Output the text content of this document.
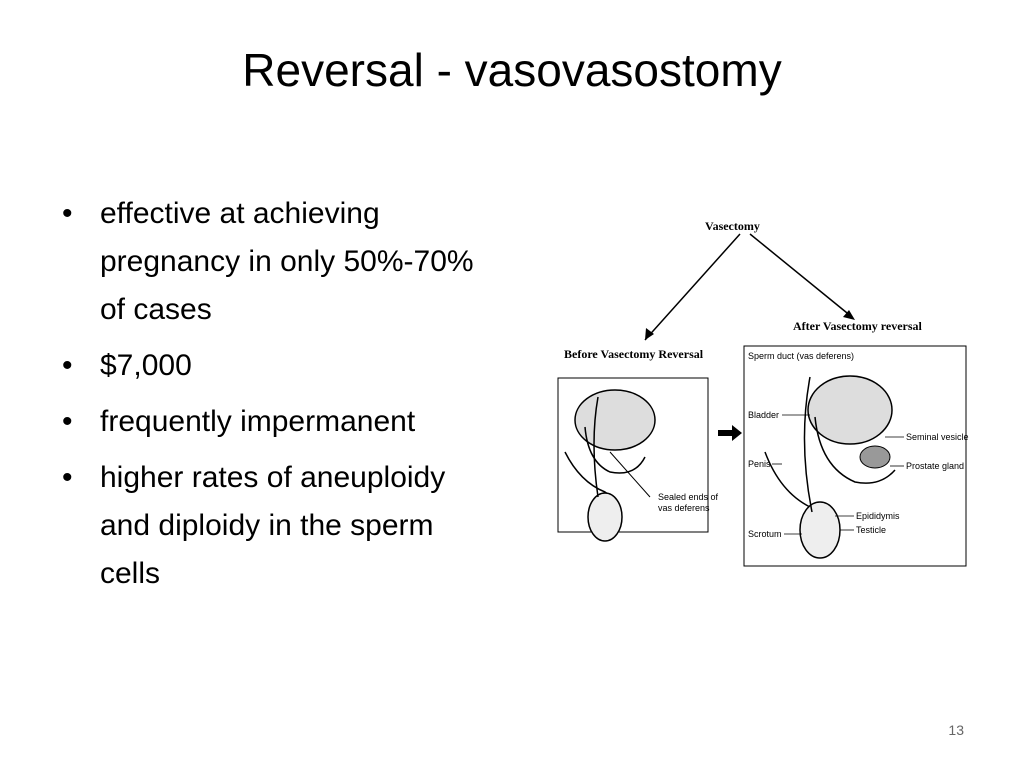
Reversal - vasovasostomy
• effective at achieving pregnancy in only 50%-70% of cases
• $7,000
• frequently impermanent
• higher rates of aneuploidy and diploidy in the sperm cells
Vasectomy
Before Vasectomy Reversal
After Vasectomy reversal
Sealed ends of
vas deferens
Sperm duct (vas deferens)
Bladder
Penis
Scrotum
Seminal vesicle
Prostate gland
Epididymis
Testicle
13
